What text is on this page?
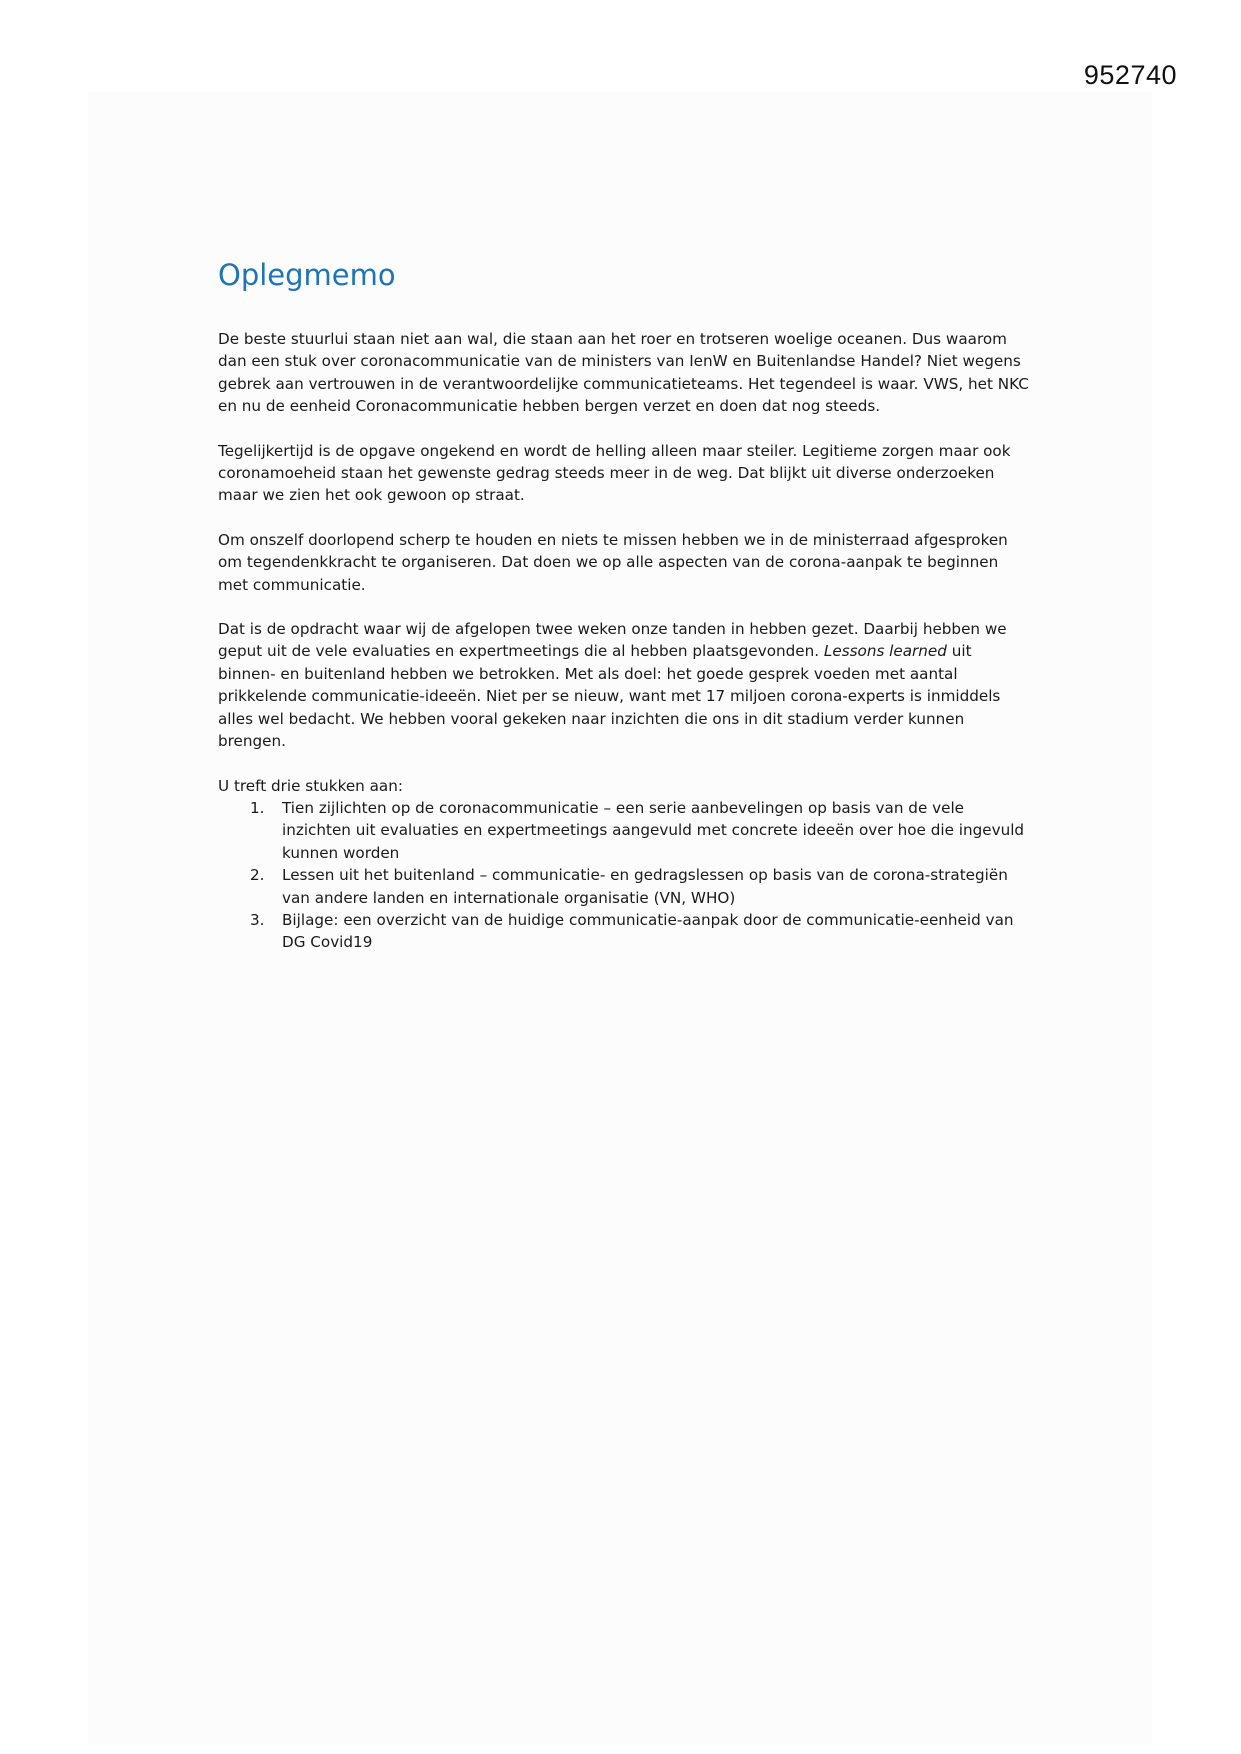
952740
Oplegmemo

De beste stuurlui staan niet aan wal, die staan aan het roer en trotseren woelige oceanen. Dus waarom dan een stuk over coronacommunicatie van de ministers van IenW en Buitenlandse Handel? Niet wegens gebrek aan vertrouwen in de verantwoordelijke communicatieteams. Het tegendeel is waar. VWS, het NKC en nu de eenheid Coronacommunicatie hebben bergen verzet en doen dat nog steeds.

Tegelijkertijd is de opgave ongekend en wordt de helling alleen maar steiler. Legitieme zorgen maar ook coronamoeheid staan het gewenste gedrag steeds meer in de weg. Dat blijkt uit diverse onderzoeken maar we zien het ook gewoon op straat.

Om onszelf doorlopend scherp te houden en niets te missen hebben we in de ministerraad afgesproken om tegendenkkracht te organiseren. Dat doen we op alle aspecten van de corona-aanpak te beginnen met communicatie.

Dat is de opdracht waar wij de afgelopen twee weken onze tanden in hebben gezet. Daarbij hebben we geput uit de vele evaluaties en expertmeetings die al hebben plaatsgevonden. Lessons learned uit binnen- en buitenland hebben we betrokken. Met als doel: het goede gesprek voeden met aantal prikkelende communicatie-ideeën. Niet per se nieuw, want met 17 miljoen corona-experts is inmiddels alles wel bedacht. We hebben vooral gekeken naar inzichten die ons in dit stadium verder kunnen brengen.

U treft drie stukken aan:

1. Tien zijlichten op de coronacommunicatie – een serie aanbevelingen op basis van de vele inzichten uit evaluaties en expertmeetings aangevuld met concrete ideeën over hoe die ingevuld kunnen worden
2. Lessen uit het buitenland – communicatie- en gedragslessen op basis van de corona-strategiën van andere landen en internationale organisatie (VN, WHO)
3. Bijlage: een overzicht van de huidige communicatie-aanpak door de communicatie-eenheid van DG Covid19
